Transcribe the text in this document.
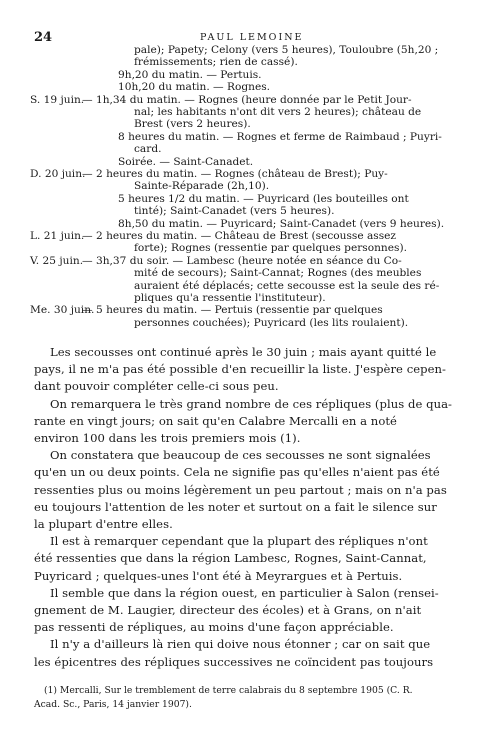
24	PAUL LEMOINE
pale); Papety; Celony (vers 5 heures), Touloubre (5h,20 ;
frémissements; rien de cassé).
9h,20 du matin. — Pertuis.
10h,20 du matin. — Rognes.
S. 19 juin.
— 1h,34 du matin. — Rognes (heure donnée par le Petit Jour-
nal; les habitants n'ont dit vers 2 heures); château de
Brest (vers 2 heures).
8 heures du matin. — Rognes et ferme de Raimbaud ; Puyri-
card.
Soirée. — Saint-Canadet.
D. 20 juin.
— 2 heures du matin. — Rognes (château de Brest); Puy-
Sainte-Réparade (2h,10).
5 heures 1/2 du matin. — Puyricard (les bouteilles ont
tinté); Saint-Canadet (vers 5 heures).
8h,50 du matin. — Puyricard; Saint-Canadet (vers 9 heures).
L. 21 juin.
— 2 heures du matin. — Château de Brest (secousse assez
forte); Rognes (ressentie par quelques personnes).
V. 25 juin.
— 3h,37 du soir. — Lambesc (heure notée en séance du Co-
mité de secours); Saint-Cannat; Rognes (des meubles
auraient été déplacés; cette secousse est la seule des ré-
pliques qu'a ressentie l'instituteur).
Me. 30 juin.
— 5 heures du matin. — Pertuis (ressentie par quelques
personnes couchées); Puyricard (les lits roulaient).
Les secousses ont continué après le 30 juin ; mais ayant quitté le
pays, il ne m'a pas été possible d'en recueillir la liste. J'espère cepen-
dant pouvoir compléter celle-ci sous peu.
On remarquera le très grand nombre de ces répliques (plus de qua-
rante en vingt jours; on sait qu'en Calabre Mercalli en a noté
environ 100 dans les trois premiers mois (1).
On constatera que beaucoup de ces secousses ne sont signalées
qu'en un ou deux points. Cela ne signifie pas qu'elles n'aient pas été
ressenties plus ou moins légèrement un peu partout ; mais on n'a pas
eu toujours l'attention de les noter et surtout on a fait le silence sur
la plupart d'entre elles.
Il est à remarquer cependant que la plupart des répliques n'ont
été ressenties que dans la région Lambesc, Rognes, Saint-Cannat,
Puyricard ; quelques-unes l'ont été à Meyrargues et à Pertuis.
Il semble que dans la région ouest, en particulier à Salon (rensei-
gnement de M. Laugier, directeur des écoles) et à Grans, on n'ait
pas ressenti de répliques, au moins d'une façon appréciable.
Il n'y a d'ailleurs là rien qui doive nous étonner ; car on sait que
les épicentres des répliques successives ne coïncident pas toujours
(1) Mercalli, Sur le tremblement de terre calabrais du 8 septembre 1905 (C. R.
Acad. Sc., Paris, 14 janvier 1907).
